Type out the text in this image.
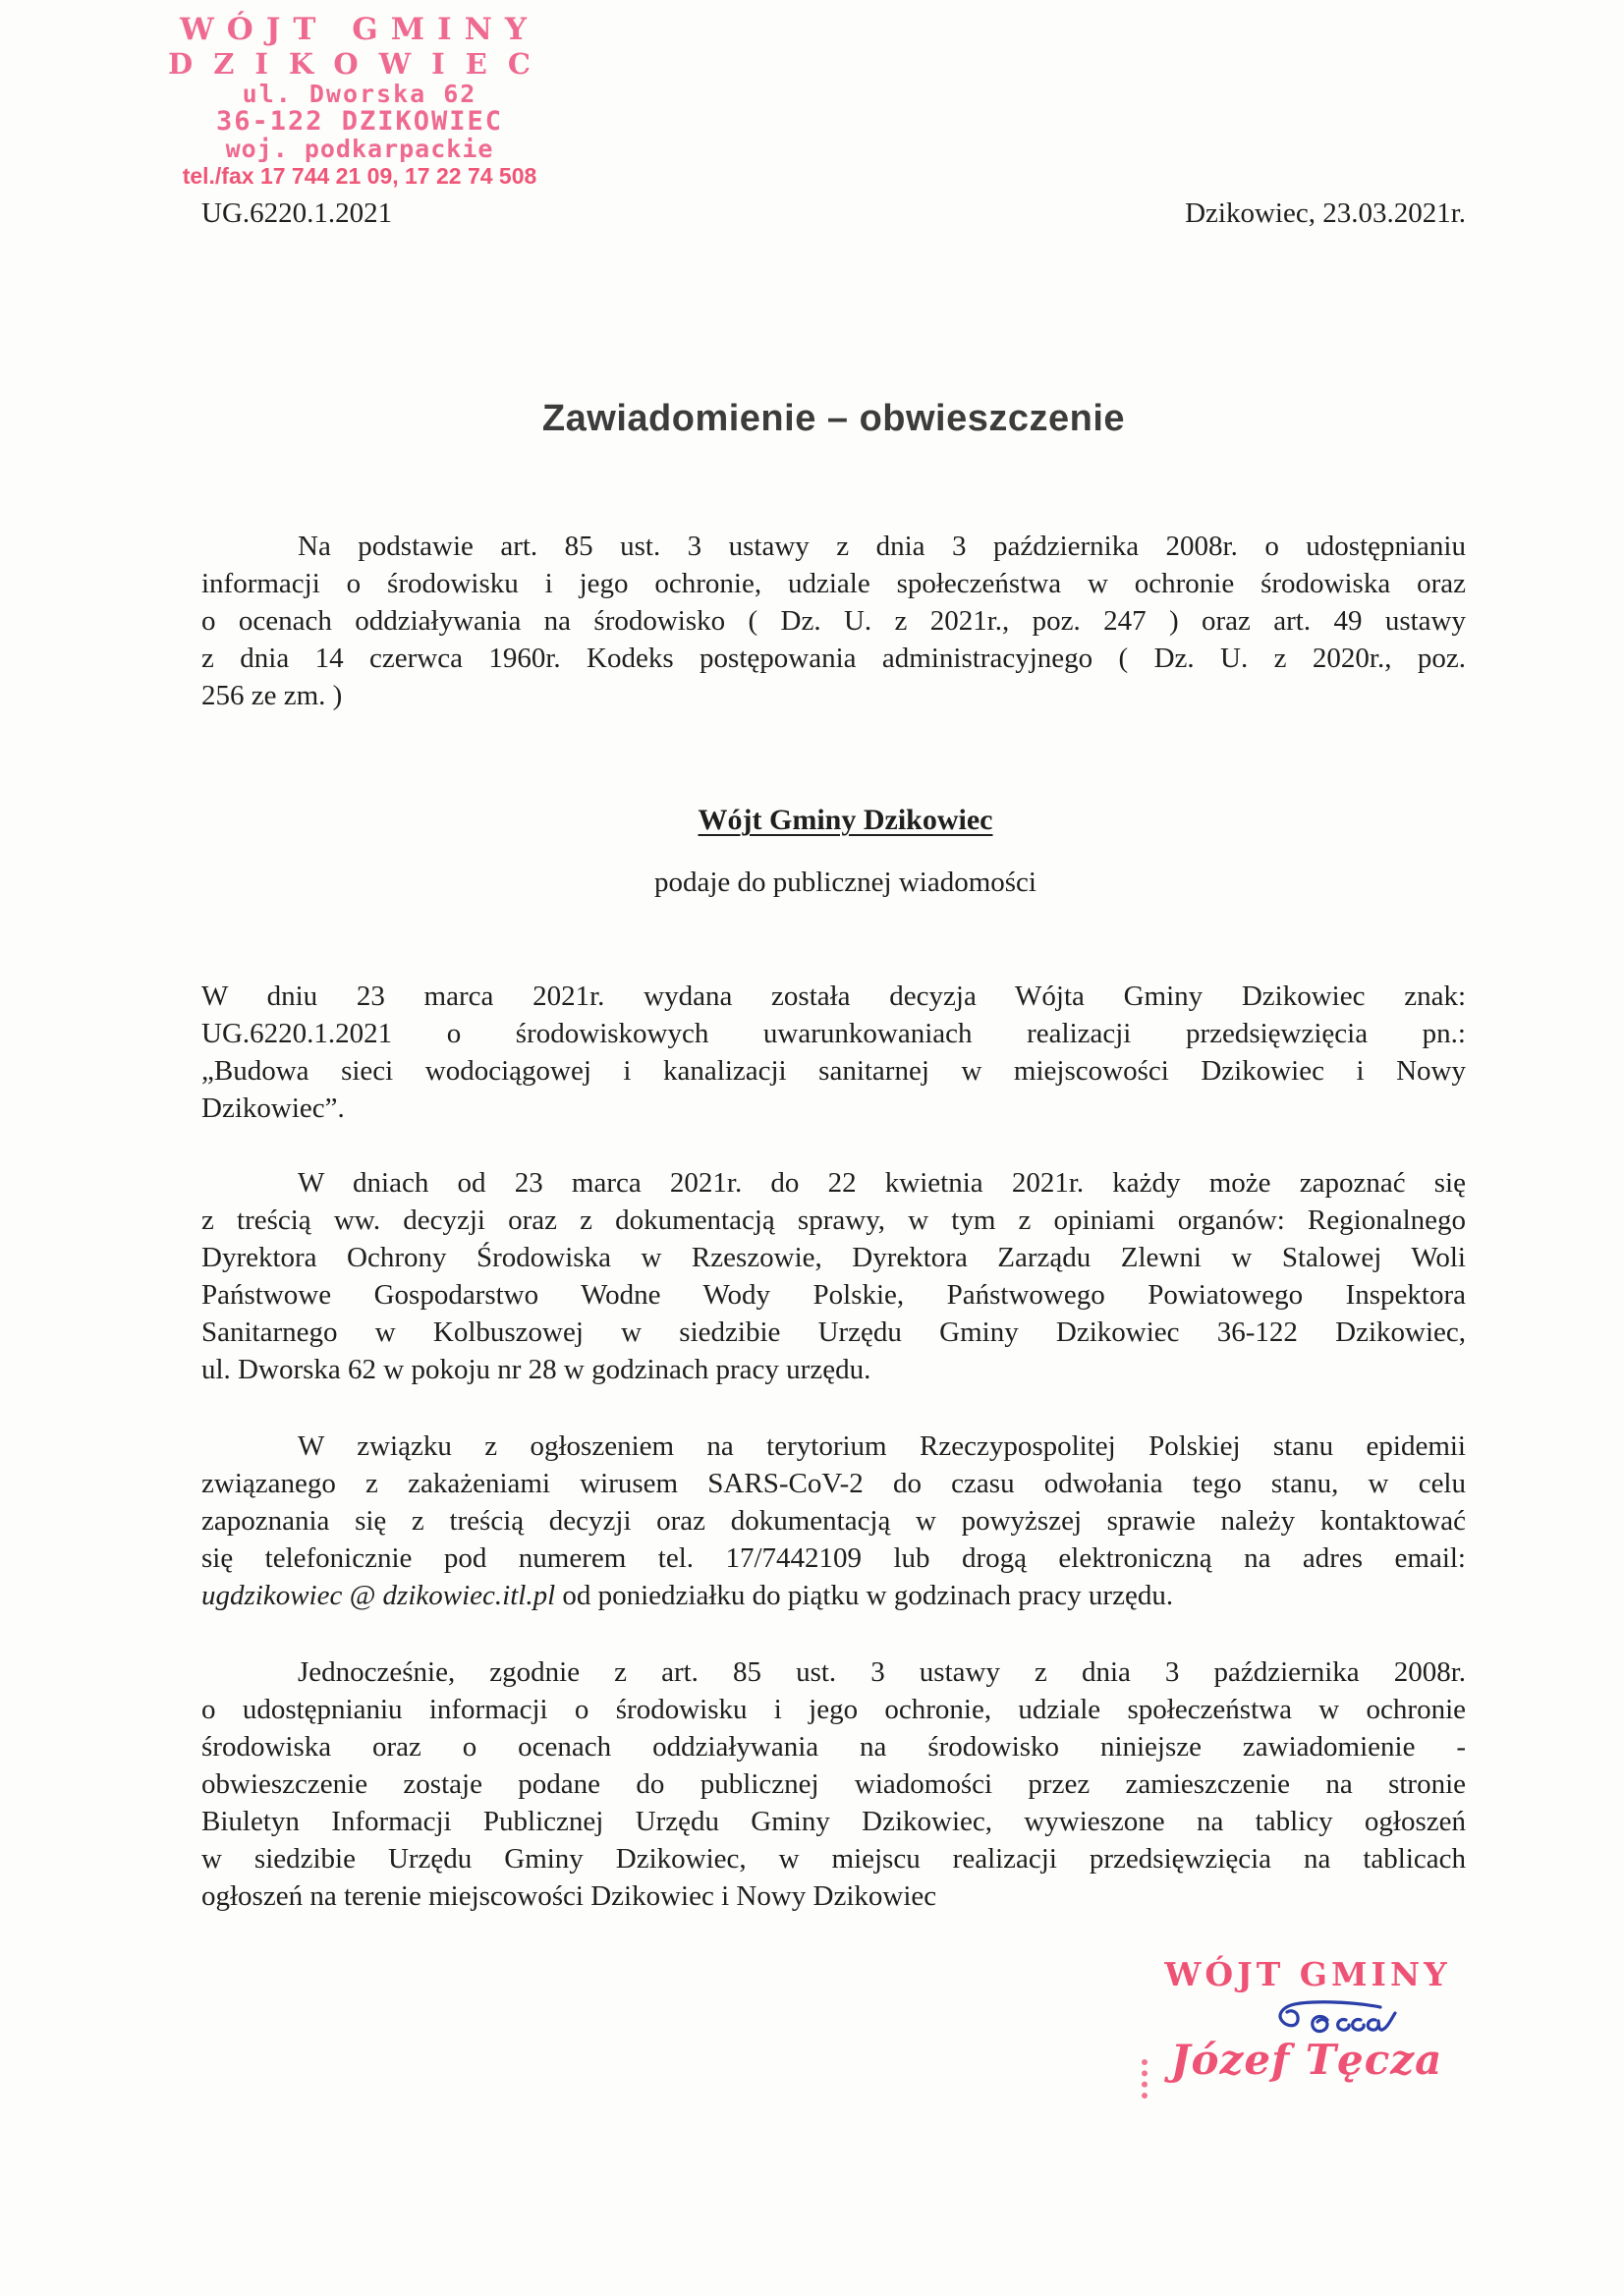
WÓJT GMINY
DZIKOWIEC
ul. Dworska 62
36-122 DZIKOWIEC
woj. podkarpackie
tel./fax 17 744 21 09, 17 22 74 508
UG.6220.1.2021	Dzikowiec, 23.03.2021r.
Zawiadomienie – obwieszczenie
Na podstawie art. 85 ust. 3 ustawy z dnia 3 października 2008r. o udostępnianiu
informacji o środowisku i jego ochronie, udziale społeczeństwa w ochronie środowiska oraz
o ocenach oddziaływania na środowisko ( Dz. U. z 2021r., poz. 247 ) oraz art. 49 ustawy
z dnia 14 czerwca 1960r. Kodeks postępowania administracyjnego ( Dz. U. z 2020r., poz.
256 ze zm. )
Wójt Gminy Dzikowiec
podaje do publicznej wiadomości
W dniu 23 marca 2021r. wydana została decyzja Wójta Gminy Dzikowiec znak:
UG.6220.1.2021 o środowiskowych uwarunkowaniach realizacji przedsięwzięcia pn.:
„Budowa sieci wodociągowej i kanalizacji sanitarnej w miejscowości Dzikowiec i Nowy
Dzikowiec”.
W dniach od 23 marca 2021r. do 22 kwietnia 2021r. każdy może zapoznać się
z treścią ww. decyzji oraz z dokumentacją sprawy, w tym z opiniami organów: Regionalnego
Dyrektora Ochrony Środowiska w Rzeszowie, Dyrektora Zarządu Zlewni w Stalowej Woli
Państwowe Gospodarstwo Wodne Wody Polskie, Państwowego Powiatowego Inspektora
Sanitarnego w Kolbuszowej w siedzibie Urzędu Gminy Dzikowiec 36-122 Dzikowiec,
ul. Dworska 62 w pokoju nr 28 w godzinach pracy urzędu.
W związku z ogłoszeniem na terytorium Rzeczypospolitej Polskiej stanu epidemii
związanego z zakażeniami wirusem SARS-CoV-2 do czasu odwołania tego stanu, w celu
zapoznania się z treścią decyzji oraz dokumentacją w powyższej sprawie należy kontaktować
się telefonicznie pod numerem tel. 17/7442109 lub drogą elektroniczną na adres email:
ugdzikowiec @ dzikowiec.itl.pl od poniedziałku do piątku w godzinach pracy urzędu.
Jednocześnie, zgodnie z art. 85 ust. 3 ustawy z dnia 3 października 2008r.
o udostępnianiu informacji o środowisku i jego ochronie, udziale społeczeństwa w ochronie
środowiska oraz o ocenach oddziaływania na środowisko niniejsze zawiadomienie -
obwieszczenie zostaje podane do publicznej wiadomości przez zamieszczenie na stronie
Biuletyn Informacji Publicznej Urzędu Gminy Dzikowiec, wywieszone na tablicy ogłoszeń
w siedzibie Urzędu Gminy Dzikowiec, w miejscu realizacji przedsięwzięcia na tablicach
ogłoszeń na terenie miejscowości Dzikowiec i Nowy Dzikowiec
WÓJT GMINY
Józef Tęcza
